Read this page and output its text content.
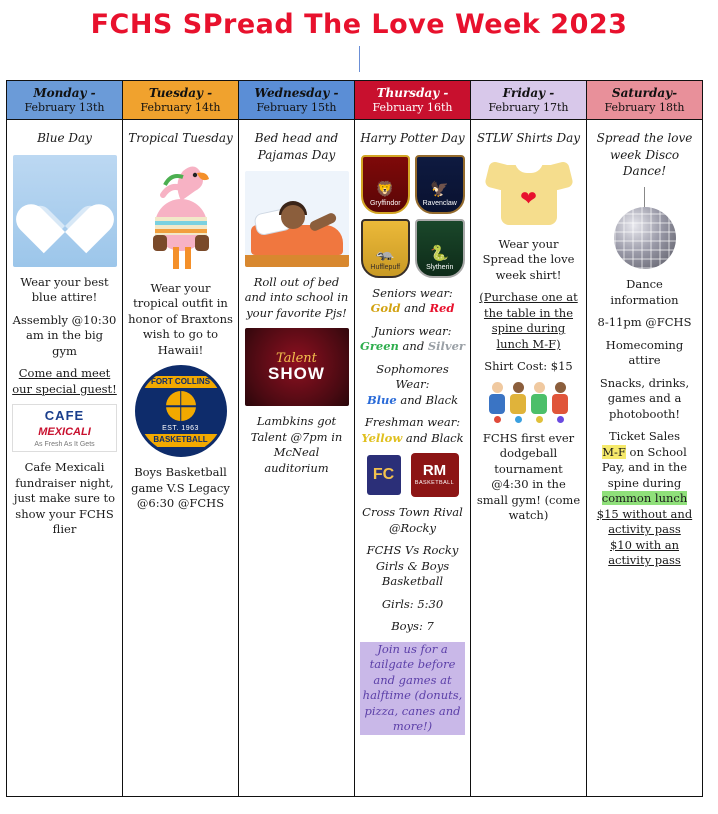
FCHS SPread The Love Week 2023
Monday -
February 13th
Blue Day
Wear your best blue attire!
Assembly @10:30 am in the big gym
Come and meet our special guest!
CAFE
MEXICALI
As Fresh As It Gets
Cafe Mexicali fundraiser night, just make sure to show your FCHS flier
Tuesday -
February 14th
Tropical Tuesday
Wear your tropical outfit in honor of Braxtons wish to go to Hawaii!
FORT COLLINS
EST. 1963
BASKETBALL
Boys Basketball game V.S Legacy @6:30 @FCHS
Wednesday -
February 15th
Bed head and Pajamas Day
Roll out of bed and into school in your favorite Pjs!
Talent
SHOW
Lambkins got Talent @7pm in McNeal auditorium
Thursday -
February 16th
Harry Potter Day
🦁
Gryffindor
🦅
Ravenclaw
🦡
Hufflepuff
🐍
Slytherin
Seniors wear:
Gold and Red
Juniors wear:
Green and Silver
Sophomores Wear:
Blue and Black
Freshman wear:
Yellow and Black
FC	RM
BASKETBALL
Cross Town Rival @Rocky
FCHS Vs Rocky Girls & Boys Basketball
Girls: 5:30
Boys: 7
Join us for a tailgate before and games at halftime (donuts, pizza, canes and more!)
Friday -
February 17th
STLW Shirts Day
❤
Wear your Spread the love week shirt!
(Purchase one at the table in the spine during lunch M-F)
Shirt Cost: $15
FCHS first ever dodgeball tournament @4:30 in the small gym! (come watch)
Saturday-
February 18th
Spread the love week Disco Dance!
Dance information
8-11pm @FCHS
Homecoming attire
Snacks, drinks, games and a photobooth!
Ticket Sales
M-F on School Pay, and in the spine during common lunch
$15 without and activity pass
$10 with an activity pass
